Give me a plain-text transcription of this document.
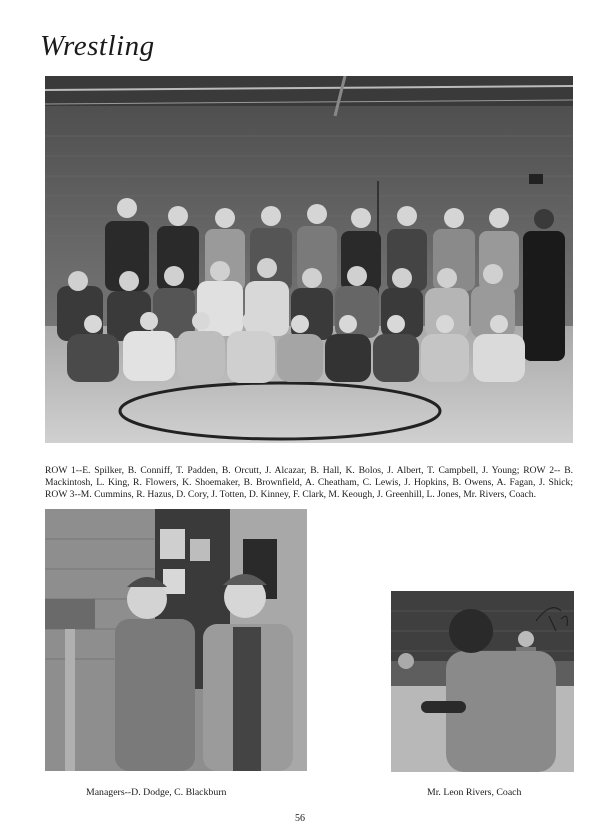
Wrestling

ROW 1--E. Spilker, B. Conniff, T. Padden, B. Orcutt, J. Alcazar, B. Hall, K. Bolos, J. Albert, T. Campbell, J. Young; ROW 2-- B. Mackintosh, L. King, R. Flowers, K. Shoemaker, B. Brownfield, A. Cheatham, C. Lewis, J. Hopkins, B. Owens, A. Fagan, J. Shick; ROW 3--M. Cummins, R. Hazus, D. Cory, J. Totten, D. Kinney, F. Clark, M. Keough, J. Greenhill, L. Jones, Mr. Rivers, Coach.

Managers--D. Dodge, C. Blackburn	Mr. Leon Rivers, Coach
56
